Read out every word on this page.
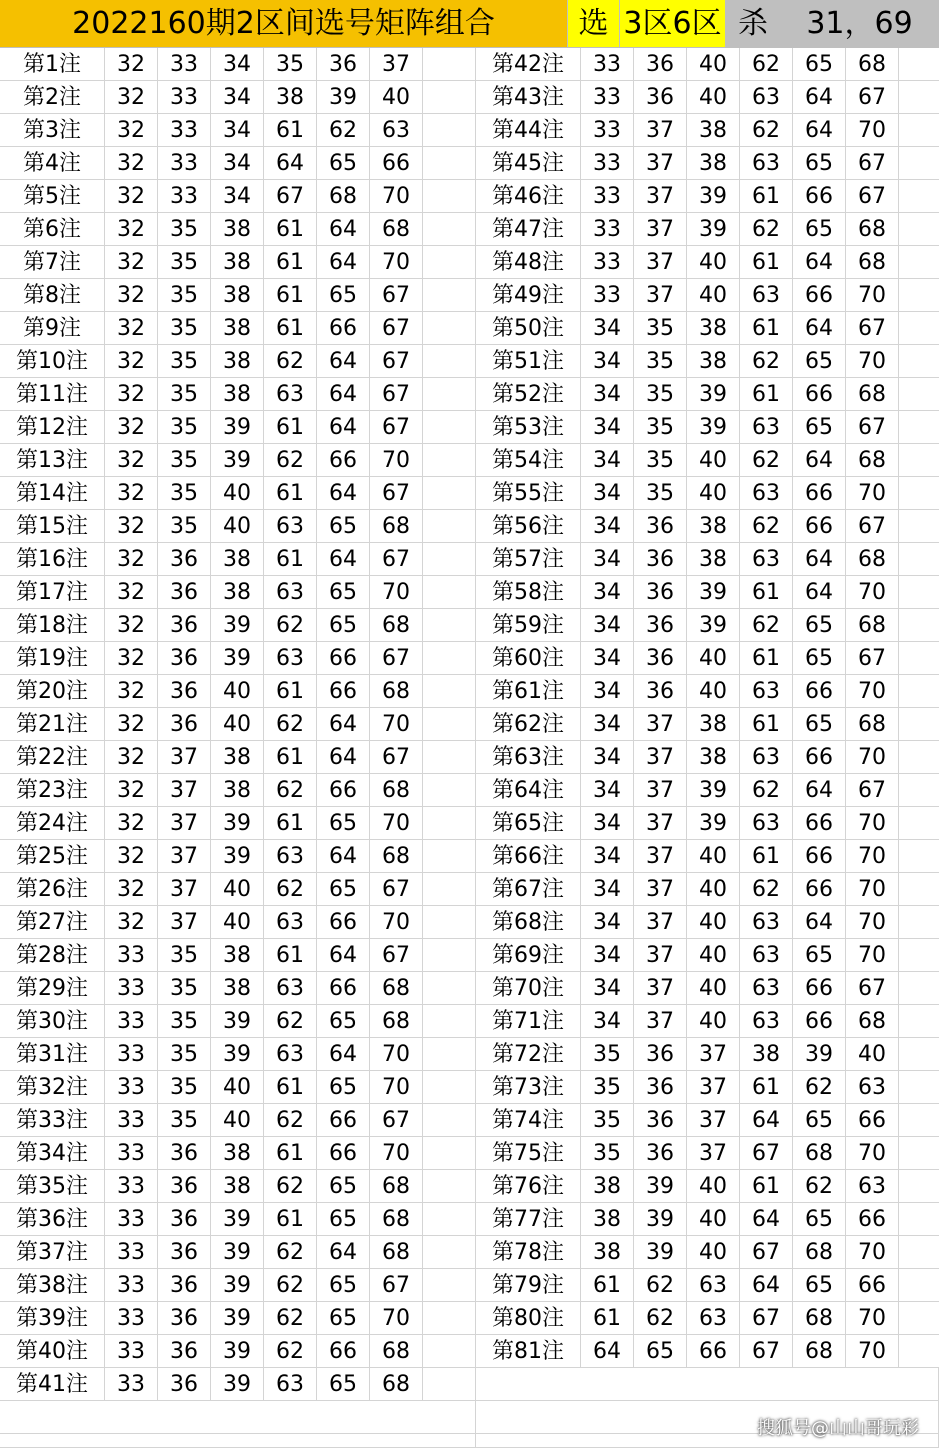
2022160期2区间选号矩阵组合	选 3区6区 杀	31，69
第1注	32	33	34	35	36	37
第2注	32	33	34	38	39	40
第3注	32	33	34	61	62	63
第4注	32	33	34	64	65	66
第5注	32	33	34	67	68	70
第6注	32	35	38	61	64	68
第7注	32	35	38	61	64	70
第8注	32	35	38	61	65	67
第9注	32	35	38	61	66	67
第10注	32	35	38	62	64	67
第11注	32	35	38	63	64	67
第12注	32	35	39	61	64	67
第13注	32	35	39	62	66	70
第14注	32	35	40	61	64	67
第15注	32	35	40	63	65	68
第16注	32	36	38	61	64	67
第17注	32	36	38	63	65	70
第18注	32	36	39	62	65	68
第19注	32	36	39	63	66	67
第20注	32	36	40	61	66	68
第21注	32	36	40	62	64	70
第22注	32	37	38	61	64	67
第23注	32	37	38	62	66	68
第24注	32	37	39	61	65	70
第25注	32	37	39	63	64	68
第26注	32	37	40	62	65	67
第27注	32	37	40	63	66	70
第28注	33	35	38	61	64	67
第29注	33	35	38	63	66	68
第30注	33	35	39	62	65	68
第31注	33	35	39	63	64	70
第32注	33	35	40	61	65	70
第33注	33	35	40	62	66	67
第34注	33	36	38	61	66	70
第35注	33	36	38	62	65	68
第36注	33	36	39	61	65	68
第37注	33	36	39	62	64	68
第38注	33	36	39	62	65	67
第39注	33	36	39	62	65	70
第40注	33	36	39	62	66	68
第41注	33	36	39	63	65	68
第42注	33	36	40	62	65	68
第43注	33	36	40	63	64	67
第44注	33	37	38	62	64	70
第45注	33	37	38	63	65	67
第46注	33	37	39	61	66	67
第47注	33	37	39	62	65	68
第48注	33	37	40	61	64	68
第49注	33	37	40	63	66	70
第50注	34	35	38	61	64	67
第51注	34	35	38	62	65	70
第52注	34	35	39	61	66	68
第53注	34	35	39	63	65	67
第54注	34	35	40	62	64	68
第55注	34	35	40	63	66	70
第56注	34	36	38	62	66	67
第57注	34	36	38	63	64	68
第58注	34	36	39	61	64	70
第59注	34	36	39	62	65	68
第60注	34	36	40	61	65	67
第61注	34	36	40	63	66	70
第62注	34	37	38	61	65	68
第63注	34	37	38	63	66	70
第64注	34	37	39	62	64	67
第65注	34	37	39	63	66	70
第66注	34	37	40	61	66	70
第67注	34	37	40	62	66	70
第68注	34	37	40	63	64	70
第69注	34	37	40	63	65	70
第70注	34	37	40	63	66	67
第71注	34	37	40	63	66	68
第72注	35	36	37	38	39	40
第73注	35	36	37	61	62	63
第74注	35	36	37	64	65	66
第75注	35	36	37	67	68	70
第76注	38	39	40	61	62	63
第77注	38	39	40	64	65	66
第78注	38	39	40	67	68	70
第79注	61	62	63	64	65	66
第80注	61	62	63	67	68	70
第81注	64	65	66	67	68	70
搜狐号@山山哥玩彩
